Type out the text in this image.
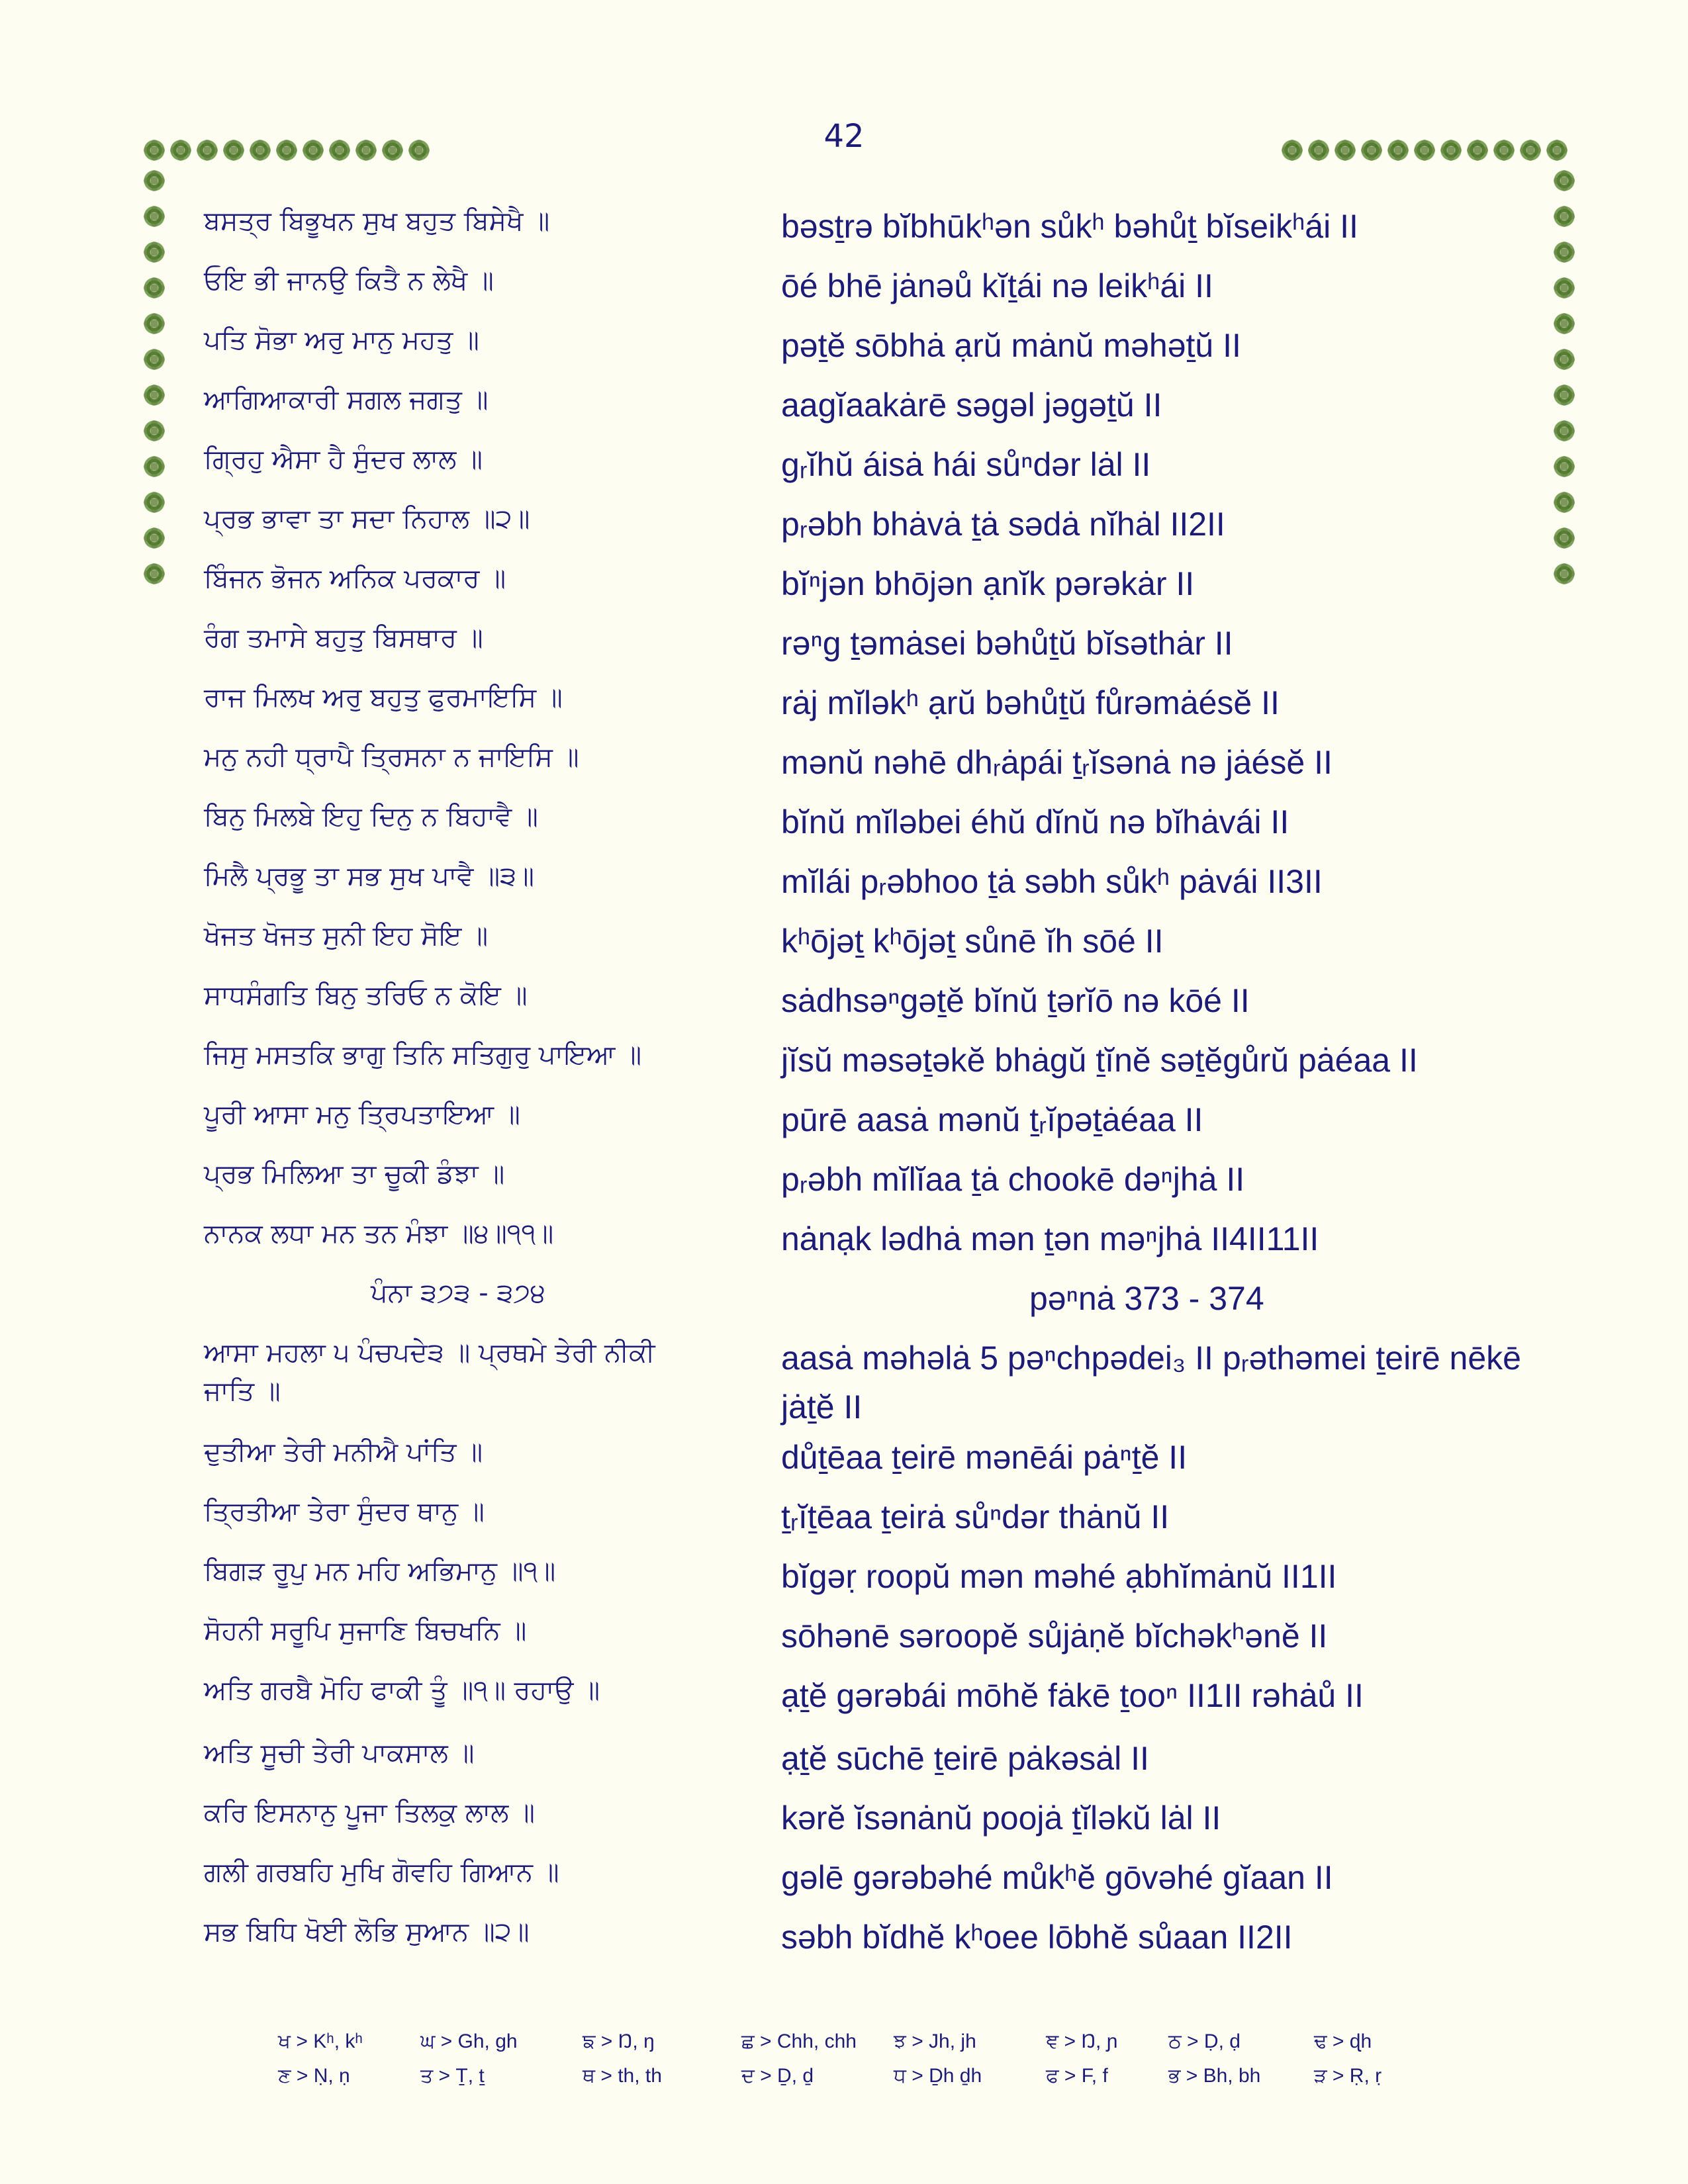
42
ਬਸਤ੍ਰ ਬਿਭੂਖਨ ਸੁਖ ਬਹੁਤ ਬਿਸੇਖੈ ॥	bəsṯrə bĭbhūkʰən sůkʰ bəhůṯ bĭseikʰái II
ਓਇ ਭੀ ਜਾਨਉ ਕਿਤੈ ਨ ਲੇਖੈ ॥	ōé bhē jȧnəů kĭṯái nə leikʰái II
ਪਤਿ ਸੋਭਾ ਅਰੁ ਮਾਨੁ ਮਹਤੁ ॥	pəṯĕ sōbhȧ ạrŭ mȧnŭ məhəṯŭ II
ਆਗਿਆਕਾਰੀ ਸਗਲ ਜਗਤੁ ॥	aagĭaakȧrē səgəl jəgəṯŭ II
ਗ੍ਰਿਹੁ ਐਸਾ ਹੈ ਸੁੰਦਰ ਲਾਲ ॥	gᵣĭhŭ áisȧ hái sůⁿdər lȧl II
ਪ੍ਰਭ ਭਾਵਾ ਤਾ ਸਦਾ ਨਿਹਾਲ ॥੨॥	pᵣəbh bhȧvȧ ṯȧ sədȧ nĭhȧl II2II
ਬਿੰਜਨ ਭੋਜਨ ਅਨਿਕ ਪਰਕਾਰ ॥	bĭⁿjən bhōjən ạnĭk pərəkȧr II
ਰੰਗ ਤਮਾਸੇ ਬਹੁਤੁ ਬਿਸਥਾਰ ॥	rəⁿg ṯəmȧsei bəhůṯŭ bĭsəthȧr II
ਰਾਜ ਮਿਲਖ ਅਰੁ ਬਹੁਤੁ ਫੁਰਮਾਇਸਿ ॥	rȧj mĭləkʰ ạrŭ bəhůṯŭ fůrəmȧésĕ II
ਮਨੁ ਨਹੀ ਧ੍ਰਾਪੈ ਤ੍ਰਿਸਨਾ ਨ ਜਾਇਸਿ ॥	mənŭ nəhē dhᵣȧpái ṯᵣĭsənȧ nə jȧésĕ II
ਬਿਨੁ ਮਿਲਬੇ ਇਹੁ ਦਿਨੁ ਨ ਬਿਹਾਵੈ ॥	bĭnŭ mĭləbei éhŭ dĭnŭ nə bĭhȧvái II
ਮਿਲੈ ਪ੍ਰਭੂ ਤਾ ਸਭ ਸੁਖ ਪਾਵੈ ॥੩॥	mĭlái pᵣəbhoo ṯȧ səbh sůkʰ pȧvái II3II
ਖੋਜਤ ਖੋਜਤ ਸੁਨੀ ਇਹ ਸੋਇ ॥	kʰōjəṯ kʰōjəṯ sůnē ĭh sōé II
ਸਾਧਸੰਗਤਿ ਬਿਨੁ ਤਰਿਓ ਨ ਕੋਇ ॥	sȧdhsəⁿgəṯĕ bĭnŭ ṯərĭō nə kōé II
ਜਿਸੁ ਮਸਤਕਿ ਭਾਗੁ ਤਿਨਿ ਸਤਿਗੁਰੁ ਪਾਇਆ ॥	jĭsŭ məsəṯəkĕ bhȧgŭ ṯĭnĕ səṯĕgůrŭ pȧéaa II
ਪੂਰੀ ਆਸਾ ਮਨੁ ਤ੍ਰਿਪਤਾਇਆ ॥	pūrē aasȧ mənŭ ṯᵣĭpəṯȧéaa II
ਪ੍ਰਭ ਮਿਲਿਆ ਤਾ ਚੂਕੀ ਡੰਝਾ ॥	pᵣəbh mĭlĭaa ṯȧ chookē dəⁿjhȧ II
ਨਾਨਕ ਲਧਾ ਮਨ ਤਨ ਮੰਝਾ ॥੪॥੧੧॥	nȧnạk lədhȧ mən ṯən məⁿjhȧ II4II11II
ਪੰਨਾ ੩੭੩ - ੩੭੪	pəⁿnȧ 373 - 374
ਆਸਾ ਮਹਲਾ ੫ ਪੰਚਪਦੇ੩ ॥ ਪ੍ਰਥਮੇ ਤੇਰੀ ਨੀਕੀ ਜਾਤਿ ॥
aasȧ məhəlȧ 5 pəⁿchpədei₃ II pᵣəthəmei ṯeirē nēkē jȧṯĕ II
ਦੁਤੀਆ ਤੇਰੀ ਮਨੀਐ ਪਾਂਤਿ ॥	důṯēaa ṯeirē mənēái pȧⁿṯĕ II
ਤ੍ਰਿਤੀਆ ਤੇਰਾ ਸੁੰਦਰ ਥਾਨੁ ॥	ṯᵣĭṯēaa ṯeirȧ sůⁿdər thȧnŭ II
ਬਿਗੜ ਰੂਪੁ ਮਨ ਮਹਿ ਅਭਿਮਾਨੁ ॥੧॥	bĭgəṛ roopŭ mən məhé ạbhĭmȧnŭ II1II
ਸੋਹਨੀ ਸਰੂਪਿ ਸੁਜਾਣਿ ਬਿਚਖਨਿ ॥	sōhənē səroopĕ sůjȧṇĕ bĭchəkʰənĕ II
ਅਤਿ ਗਰਬੈ ਮੋਹਿ ਫਾਕੀ ਤੂੰ ॥੧॥ ਰਹਾਉ ॥	ạṯĕ gərəbái mōhĕ fȧkē ṯooⁿ II1II rəhȧů II
ਅਤਿ ਸੂਚੀ ਤੇਰੀ ਪਾਕਸਾਲ ॥	ạṯĕ sūchē ṯeirē pȧkəsȧl II
ਕਰਿ ਇਸਨਾਨੁ ਪੂਜਾ ਤਿਲਕੁ ਲਾਲ ॥	kərĕ ĭsənȧnŭ poojȧ ṯĭləkŭ lȧl II
ਗਲੀ ਗਰਬਹਿ ਮੁਖਿ ਗੋਵਹਿ ਗਿਆਨ ॥	gəlē gərəbəhé můkʰĕ gōvəhé gĭaan II
ਸਭ ਬਿਧਿ ਖੋਈ ਲੋਭਿ ਸੁਆਨ ॥੨॥	səbh bĭdhĕ kʰoee lōbhĕ sůaan II2II
ਖ > Kʰ, kʰ	ਘ > Gh, gh	ਙ > Ŋ, ŋ	ਛ > Chh, chh ਝ > Jh, jh	ਞ > Ŋ, ɲ	ਠ > Ḍ, ḍ	ਢ > ɖh
ਣ > Ṇ, ṇ	ਤ > Ṯ, ṯ	ਥ > th, th	ਦ > Ḏ, ḏ	ਧ > Ḏh ḏh	ਫ > F, f	ਭ > Bh, bh	ੜ > Ṛ, ṛ
